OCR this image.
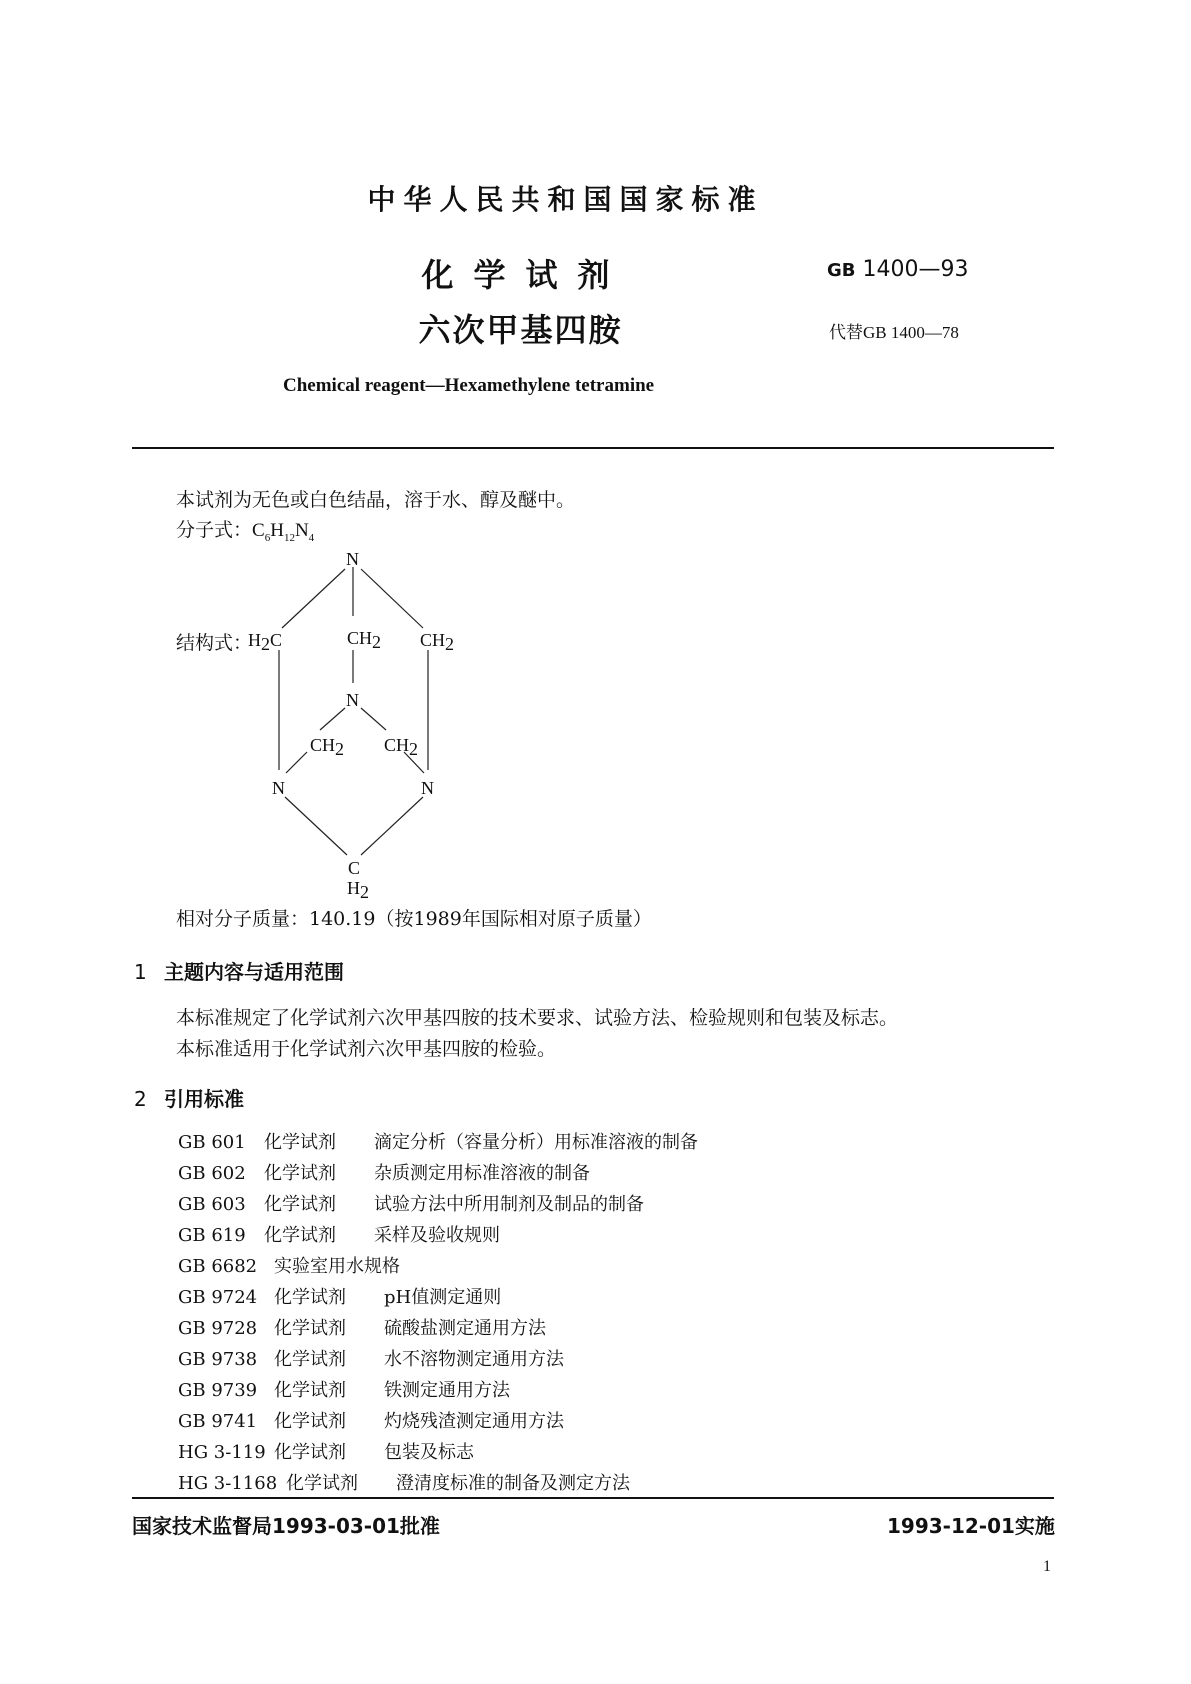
中华人民共和国国家标准
化学试剂
六次甲基四胺
GB 1400—93
代替GB 1400—78
Chemical reagent—Hexamethylene tetramine
本试剂为无色或白色结晶，溶于水、醇及醚中。
分子式：$C_6H_{12}N_4$
结构式：
N
H2C	CH2 CH2
N
CH2 CH2
N	N
C
H2
相对分子质量：140.19（按1989年国际相对原子质量）
1 主题内容与适用范围
本标准规定了化学试剂六次甲基四胺的技术要求、试验方法、检验规则和包装及标志。
本标准适用于化学试剂六次甲基四胺的检验。
2 引用标准
GB 601 化学试剂 滴定分析（容量分析）用标准溶液的制备
GB 602 化学试剂 杂质测定用标准溶液的制备
GB 603 化学试剂 试验方法中所用制剂及制品的制备
GB 619 化学试剂 采样及验收规则
GB 6682 实验室用水规格
GB 9724 化学试剂 pH值测定通则
GB 9728 化学试剂 硫酸盐测定通用方法
GB 9738 化学试剂 水不溶物测定通用方法
GB 9739 化学试剂 铁测定通用方法
GB 9741 化学试剂 灼烧残渣测定通用方法
HG 3-119 化学试剂 包装及标志
HG 3-1168 化学试剂 澄清度标准的制备及测定方法
国家技术监督局1993-03-01批准	1993-12-01实施
1
